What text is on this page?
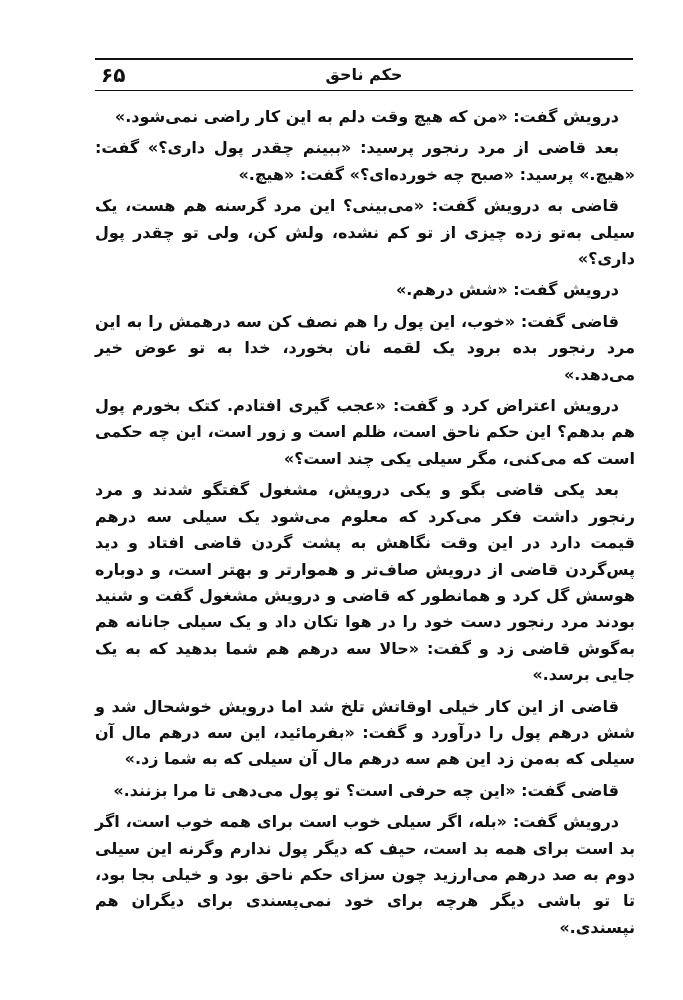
۶۵	حکم ناحق

درویش گفت: «من که هیچ وقت دلم به این کار راضی نمی‌شود.»

بعد قاضی از مرد رنجور پرسید: «ببینم چقدر پول داری؟» گفت: «هیچ.» پرسید: «صبح چه خورده‌ای؟» گفت: «هیچ.»

قاضی به درویش گفت: «می‌بینی؟ این مرد گرسنه هم هست، یک سیلی به‌تو زده چیزی از تو کم نشده، ولش کن، ولی تو چقدر پول داری؟»

درویش گفت: «شش درهم.»

قاضی گفت: «خوب، این پول را هم نصف کن سه درهمش را به این مرد رنجور بده برود یک لقمه نان بخورد، خدا به تو عوض خیر می‌دهد.»

درویش اعتراض کرد و گفت: «عجب گیری افتادم. کتک بخورم پول هم بدهم؟ این حکم ناحق است، ظلم است و زور است، این چه حکمی است که می‌کنی، مگر سیلی یکی چند است؟»

بعد یکی قاضی بگو و یکی درویش، مشغول گفتگو شدند و مرد رنجور داشت فکر می‌کرد که معلوم می‌شود یک سیلی سه درهم قیمت دارد در این وقت نگاهش به پشت گردن قاضی افتاد و دید پس‌گردن قاضی از درویش صاف‌تر و هموارتر و بهتر است، و دوباره هوسش گل کرد و همانطور که قاضی و درویش مشغول گفت و شنید بودند مرد رنجور دست خود را در هوا تکان داد و یک سیلی جانانه هم به‌گوش قاضی زد و گفت: «حالا سه درهم هم شما بدهید که به یک جایی برسد.»

قاضی از این کار خیلی اوقاتش تلخ شد اما درویش خوشحال شد و شش درهم پول را درآورد و گفت: «بفرمائید، این سه درهم مال آن سیلی که به‌من زد این هم سه درهم مال آن سیلی که به شما زد.»

قاضی گفت: «این چه حرفی است؟ تو پول می‌دهی تا مرا بزنند.»

درویش گفت: «بله، اگر سیلی خوب است برای همه خوب است، اگر بد است برای همه بد است، حیف که دیگر پول ندارم وگرنه این سیلی دوم به صد درهم می‌ارزید چون سزای حکم ناحق بود و خیلی بجا بود، تا تو باشی دیگر هرچه برای خود نمی‌پسندی برای دیگران هم نپسندی.»
